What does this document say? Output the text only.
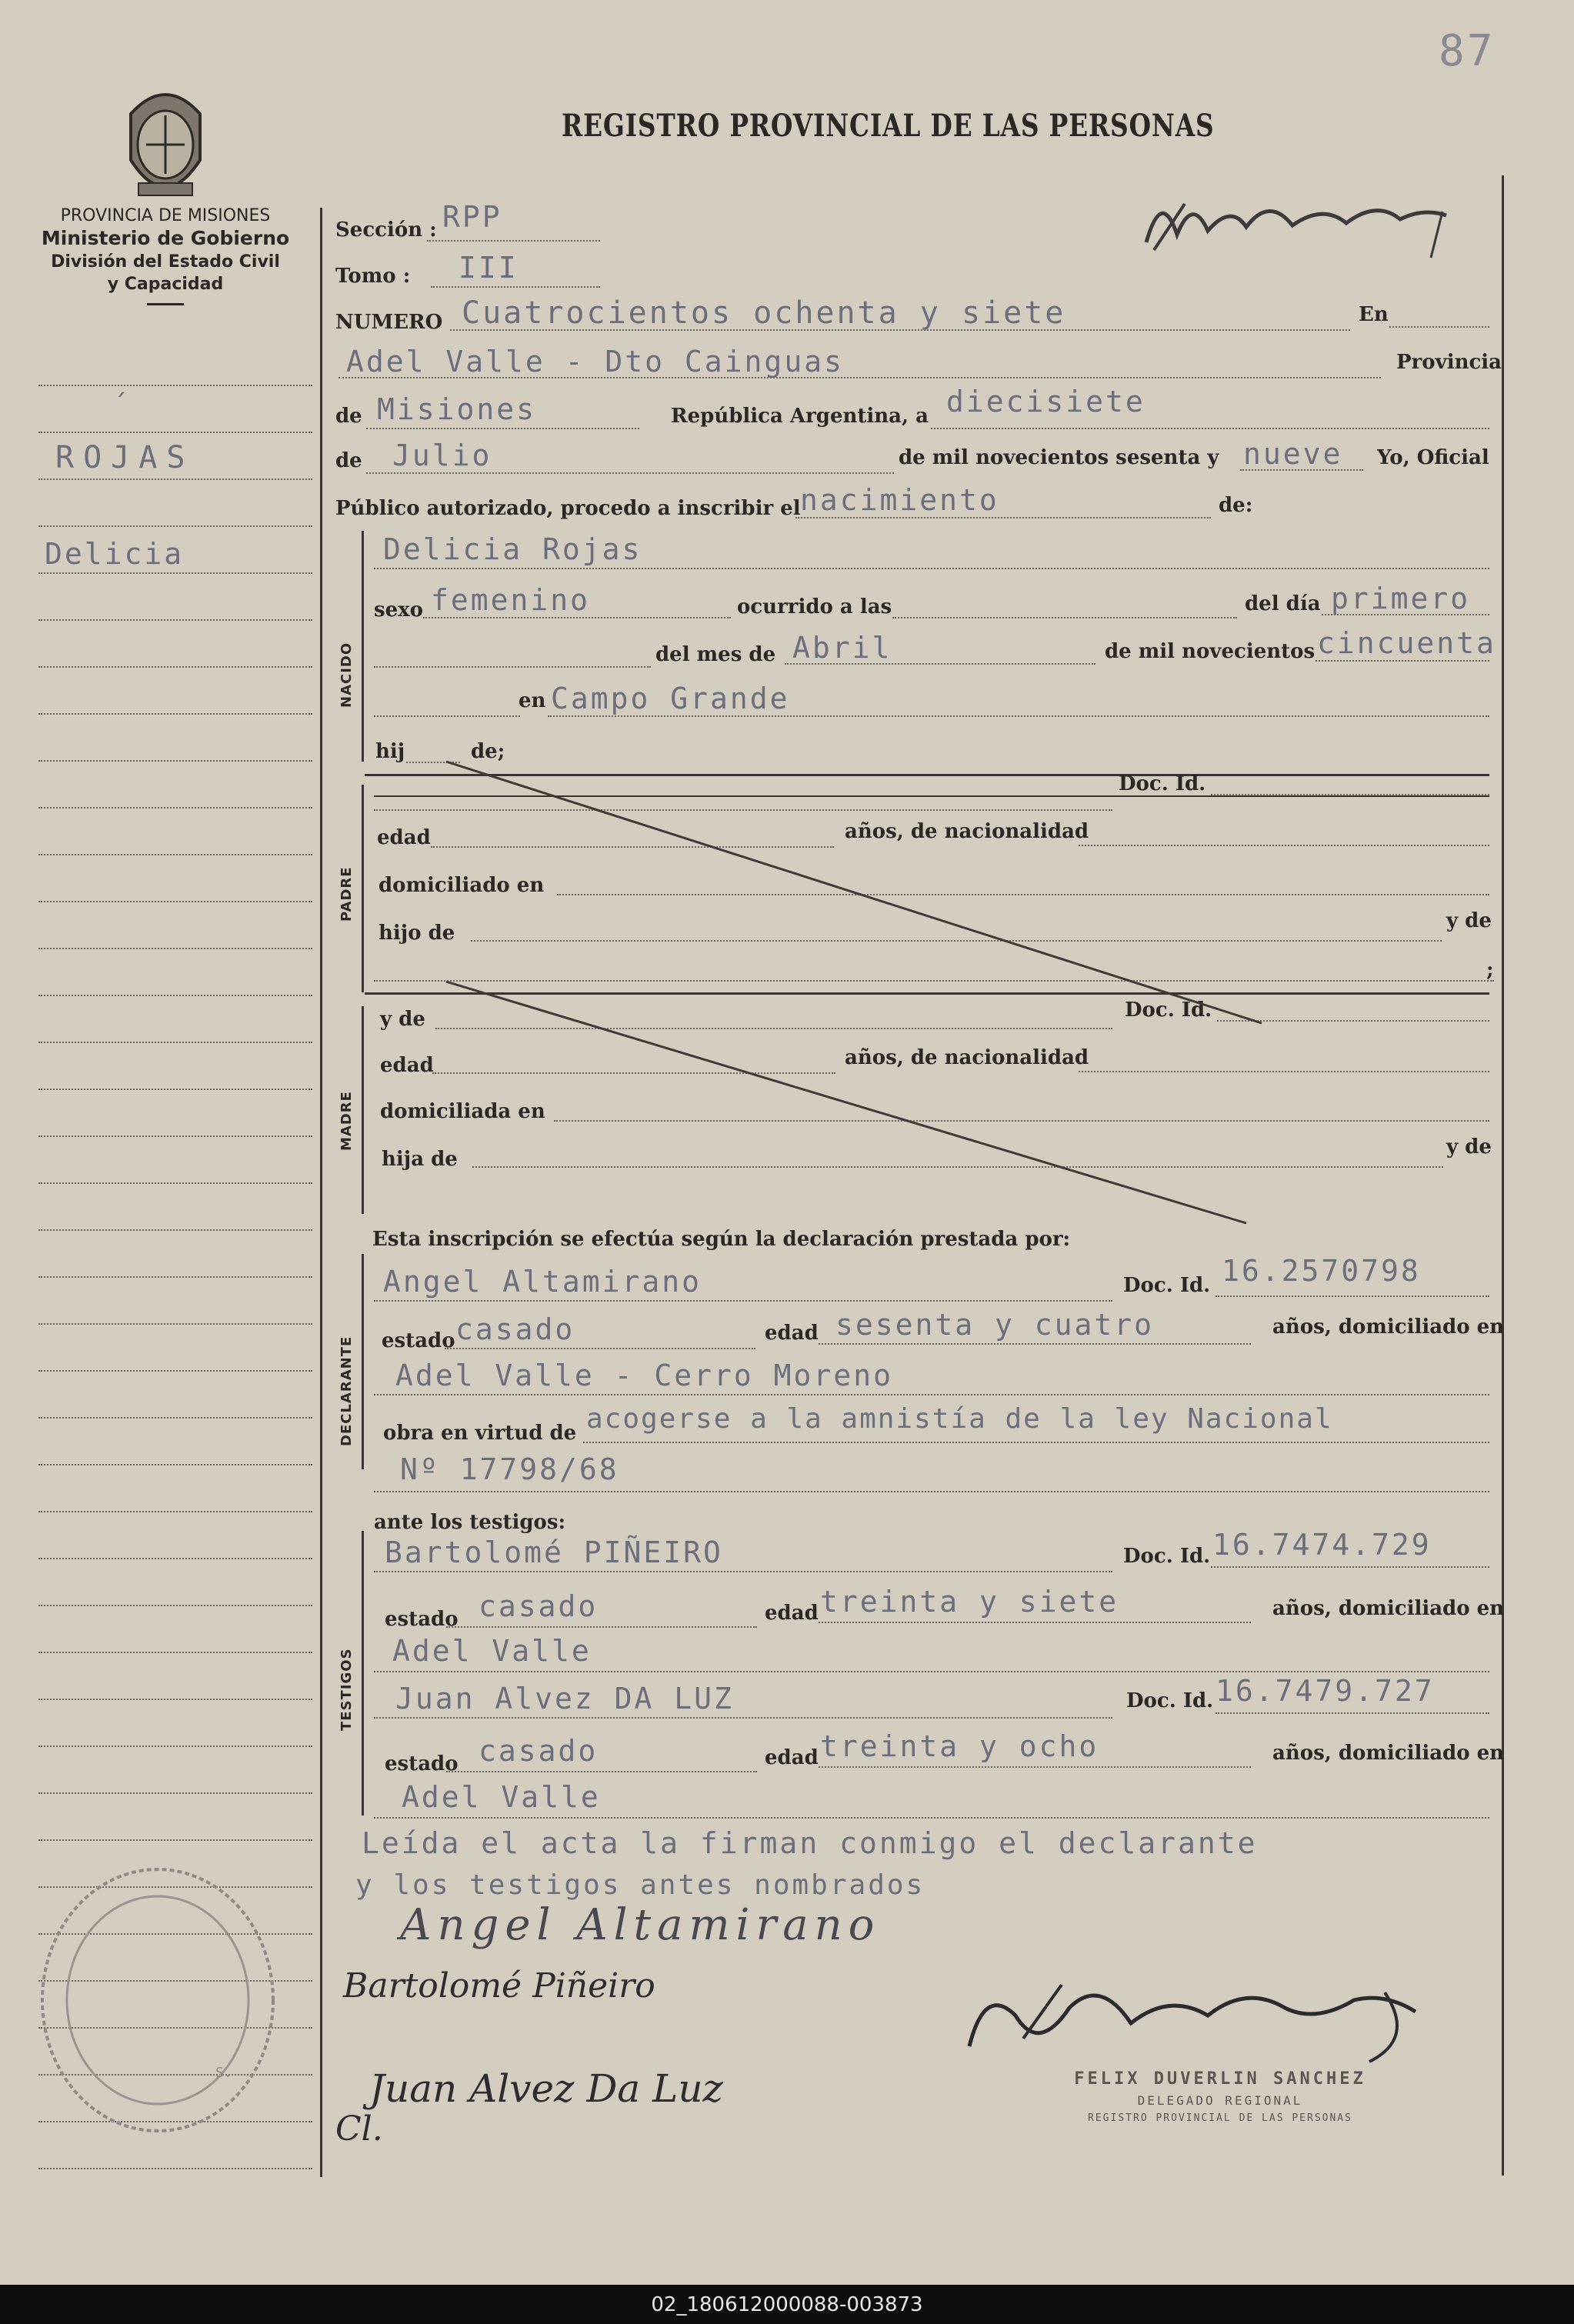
87
PROVINCIA DE MISIONES
Ministerio de Gobierno
División del Estado Civil
y Capacidad
REGISTRO PROVINCIAL DE LAS PERSONAS
ROJAS
Delicia
´
NACIDO
PADRE
MADRE
DECLARANTE
TESTIGOS
Sección : RPP
Tomo : III
NUMERO Cuatrocientos ochenta y siete	En
Adel Valle - Dto Cainguas	Provincia
de Misiones	República Argentina, a diecisiete
de Julio	de mil novecientos sesenta y nueve Yo, Oficial
Público autorizado, procedo a inscribir el nacimiento	de:
Delicia Rojas
sexo femenino	ocurrido a las	del día primero
del mes de Abril	de mil novecientos cincuenta
en Campo Grande
hij	de;
Doc. Id.
edad	años, de nacionalidad
domiciliado en
hijo de
y de
;
y de	Doc. Id.
edad	años, de nacionalidad
domiciliada en
hija de
y de
Esta inscripción se efectúa según la declaración prestada por:
Angel Altamirano	Doc. Id. 16.2570798
estado casado	edad sesenta y cuatro	años, domiciliado en
Adel Valle - Cerro Moreno
obra en virtud de acogerse a la amnistía de la ley Nacional
Nº 17798/68
ante los testigos:
Bartolomé PIÑEIRO	Doc. Id. 16.7474.729
estado casado	edad treinta y siete	años, domiciliado en
Adel Valle
Juan Alvez DA LUZ	Doc. Id. 16.7479.727
estado casado	edad treinta y ocho	años, domiciliado en
Adel Valle
Leída el acta la firman conmigo el declarante
y los testigos antes nombrados
Angel Altamirano
Bartolomé Piñeiro
Juan Alvez Da Luz	FELIX DUVERLIN SANCHEZ
DELEGADO REGIONAL
REGISTRO PROVINCIAL DE LAS PERSONAS
S.
Cl.
02_180612000088-003873
